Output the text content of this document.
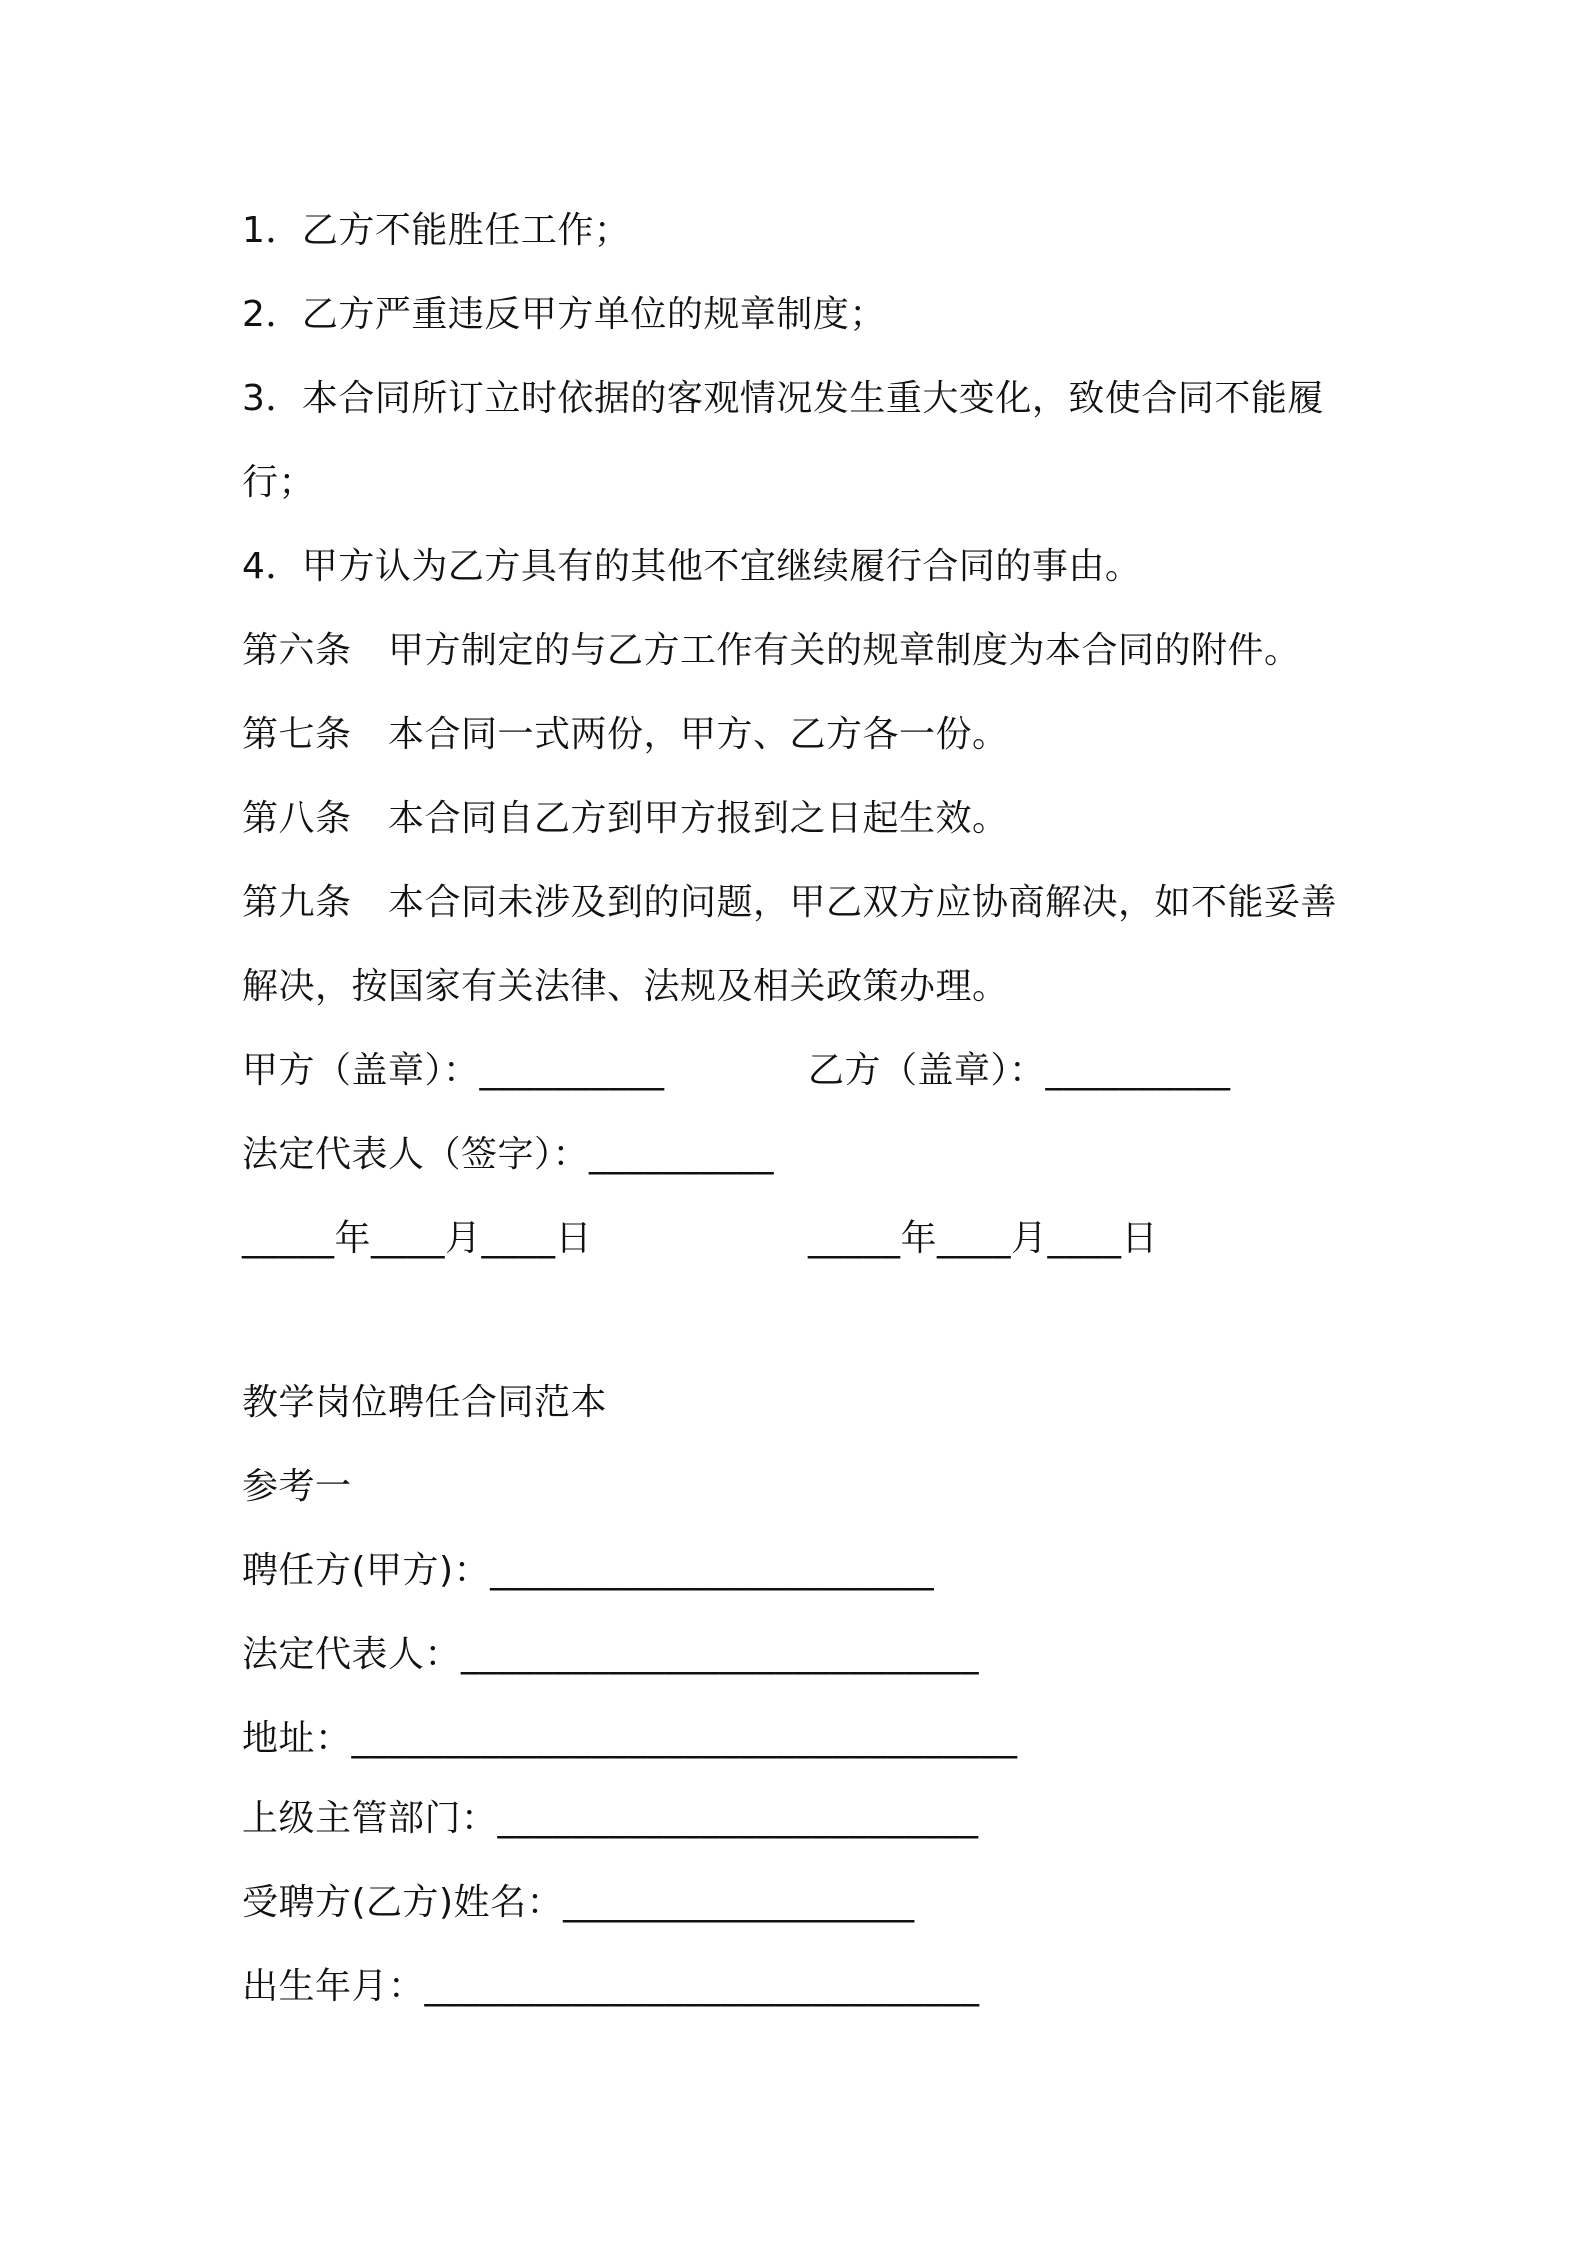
1．乙方不能胜任工作；
2．乙方严重违反甲方单位的规章制度；
3．本合同所订立时依据的客观情况发生重大变化，致使合同不能履
行；
4．甲方认为乙方具有的其他不宜继续履行合同的事由。
第六条　甲方制定的与乙方工作有关的规章制度为本合同的附件。
第七条　本合同一式两份，甲方、乙方各一份。
第八条　本合同自乙方到甲方报到之日起生效。
第九条　本合同未涉及到的问题，甲乙双方应协商解决，如不能妥善
解决，按国家有关法律、法规及相关政策办理。
甲方（盖章）：__________	乙方（盖章）：__________
法定代表人（签字）：__________
_____年____月____日	_____年____月____日
教学岗位聘任合同范本
参考一
聘任方(甲方)：________________________
法定代表人：____________________________
地址：____________________________________
上级主管部门：__________________________
受聘方(乙方)姓名：___________________
出生年月：______________________________
